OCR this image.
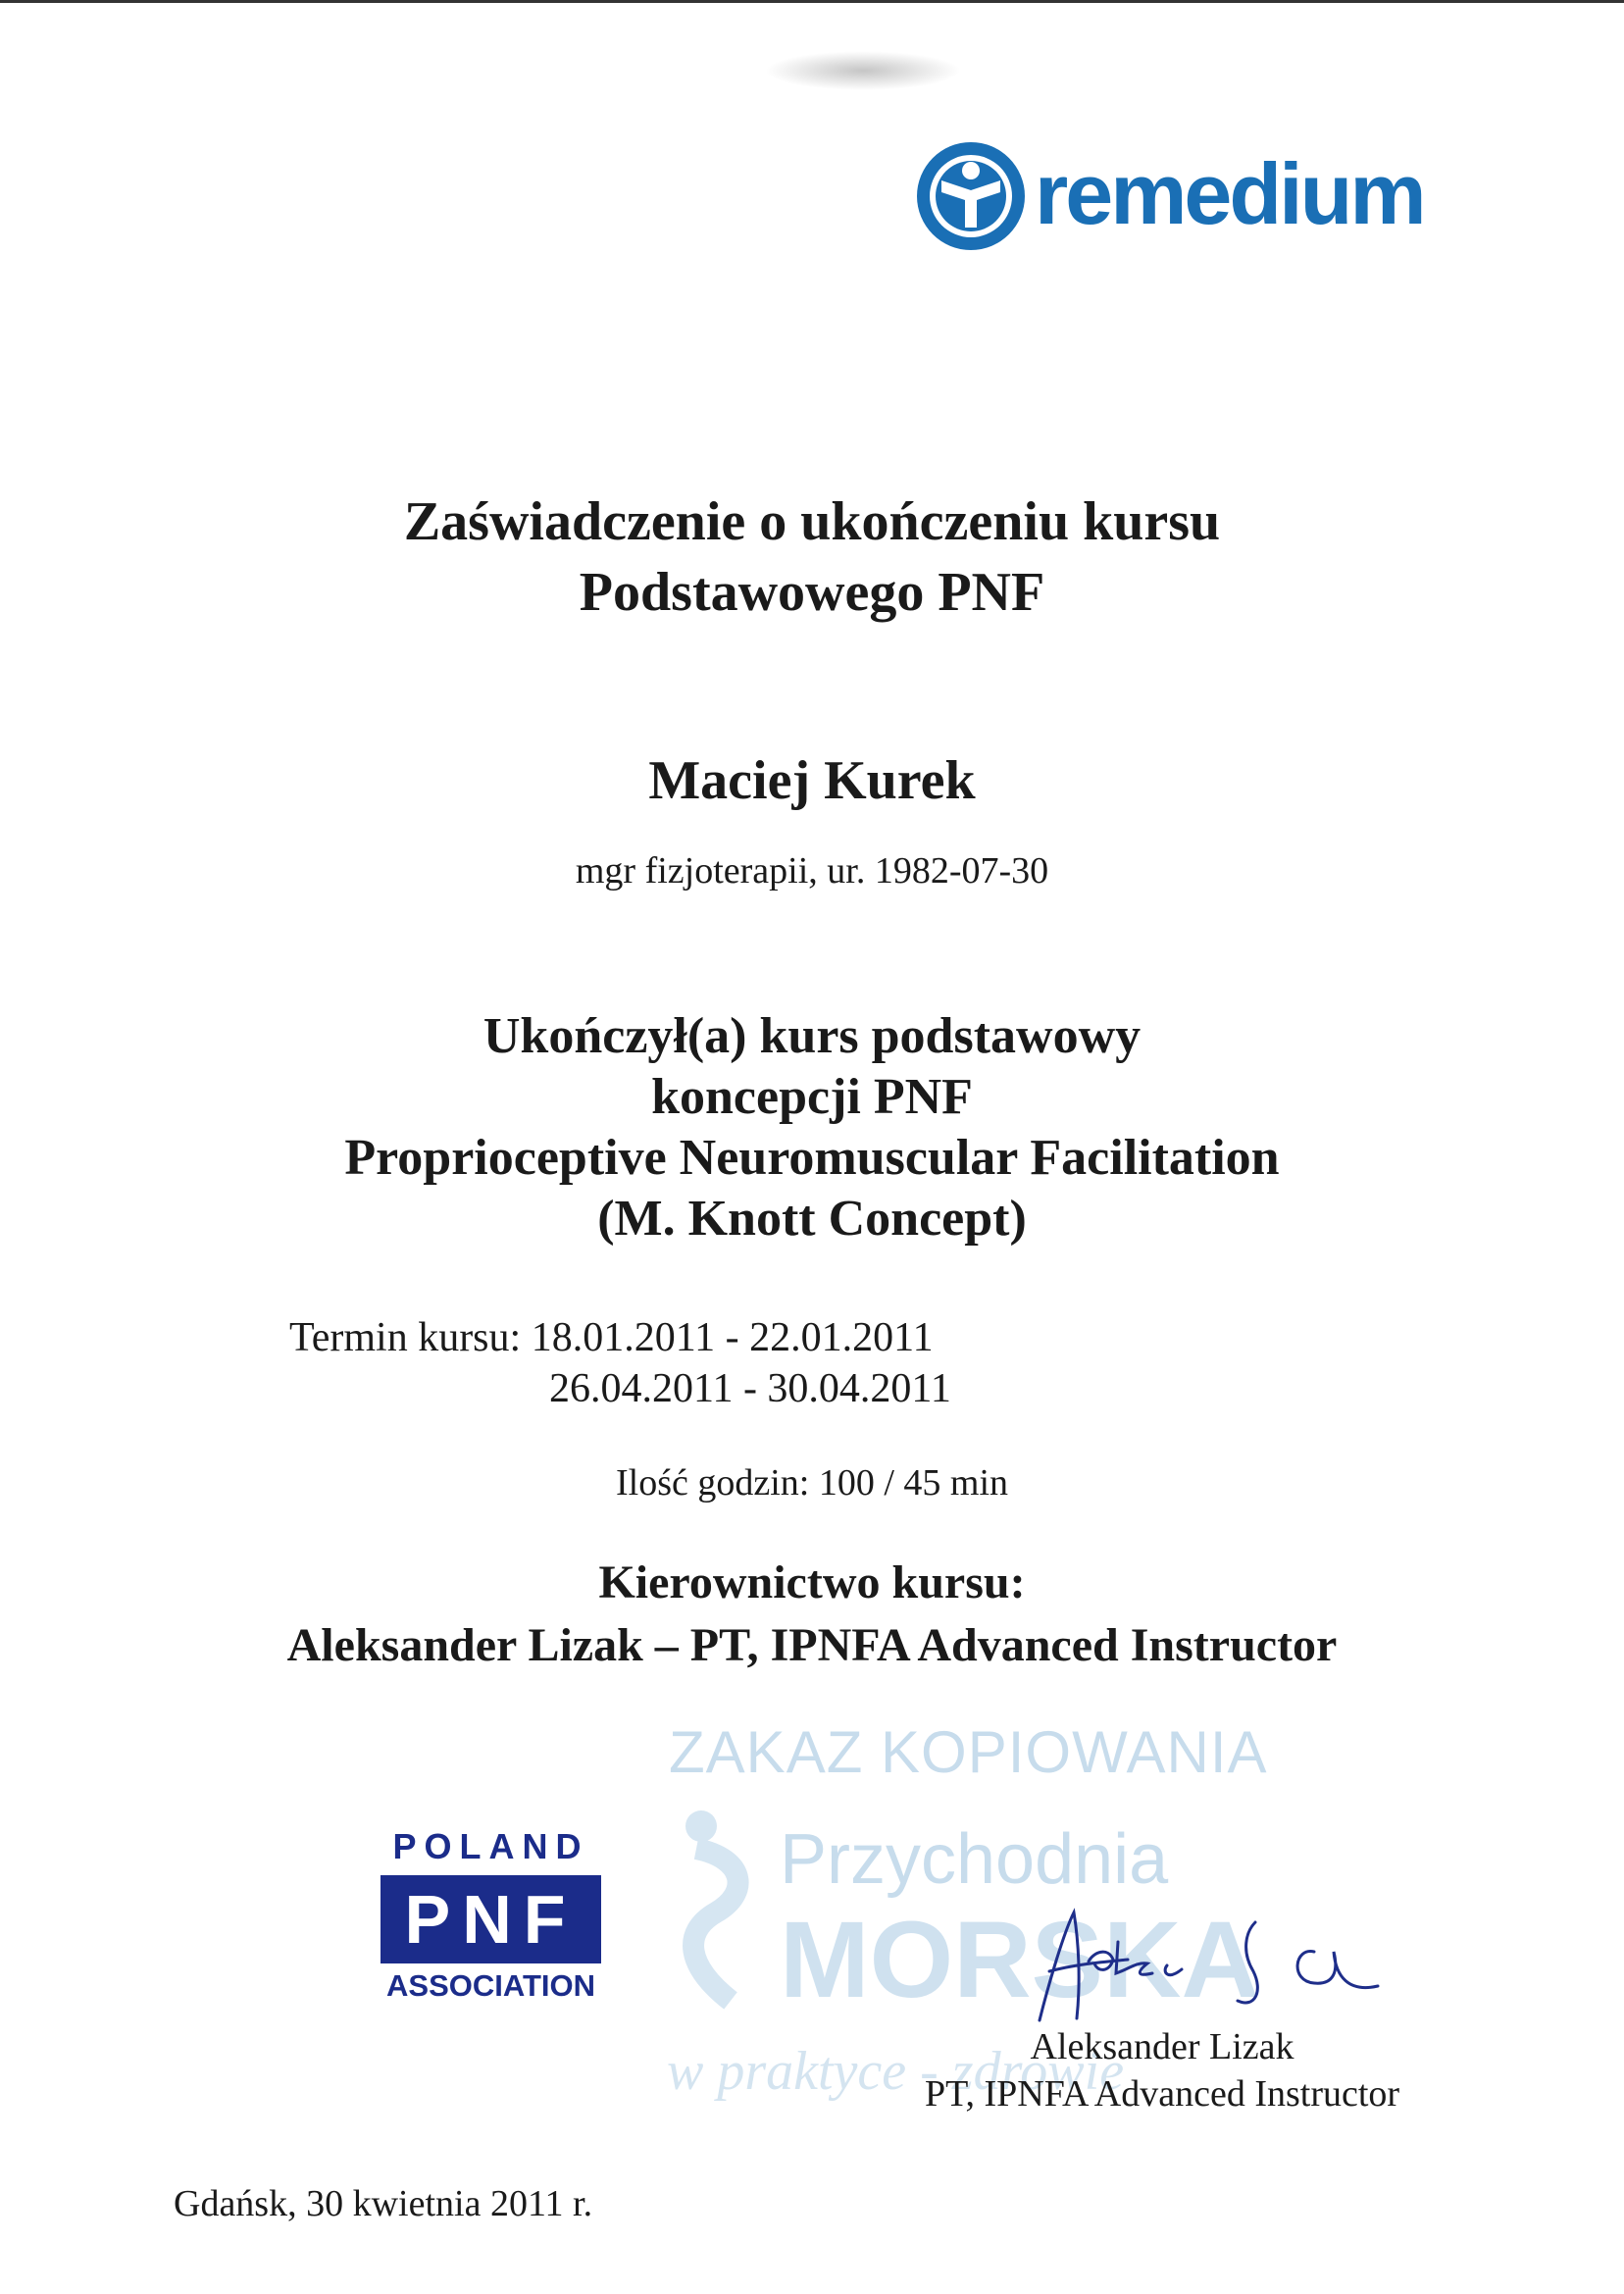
remedium
Zaświadczenie o ukończeniu kursu
Podstawowego PNF
Maciej Kurek
mgr fizjoterapii, ur. 1982-07-30
Ukończył(a) kurs podstawowy
koncepcji PNF
Proprioceptive Neuromuscular Facilitation
(M. Knott Concept)
Termin kursu: 18.01.2011 - 22.01.2011
26.04.2011 - 30.04.2011
Ilość godzin: 100 / 45 min
Kierownictwo kursu:
Aleksander Lizak – PT, IPNFA Advanced Instructor
ZAKAZ KOPIOWANIA
Przychodnia
MORSKA
w praktyce - zdrowie
POLAND
PNF
ASSOCIATION
Aleksander Lizak
PT, IPNFA Advanced Instructor
Gdańsk, 30 kwietnia 2011 r.
